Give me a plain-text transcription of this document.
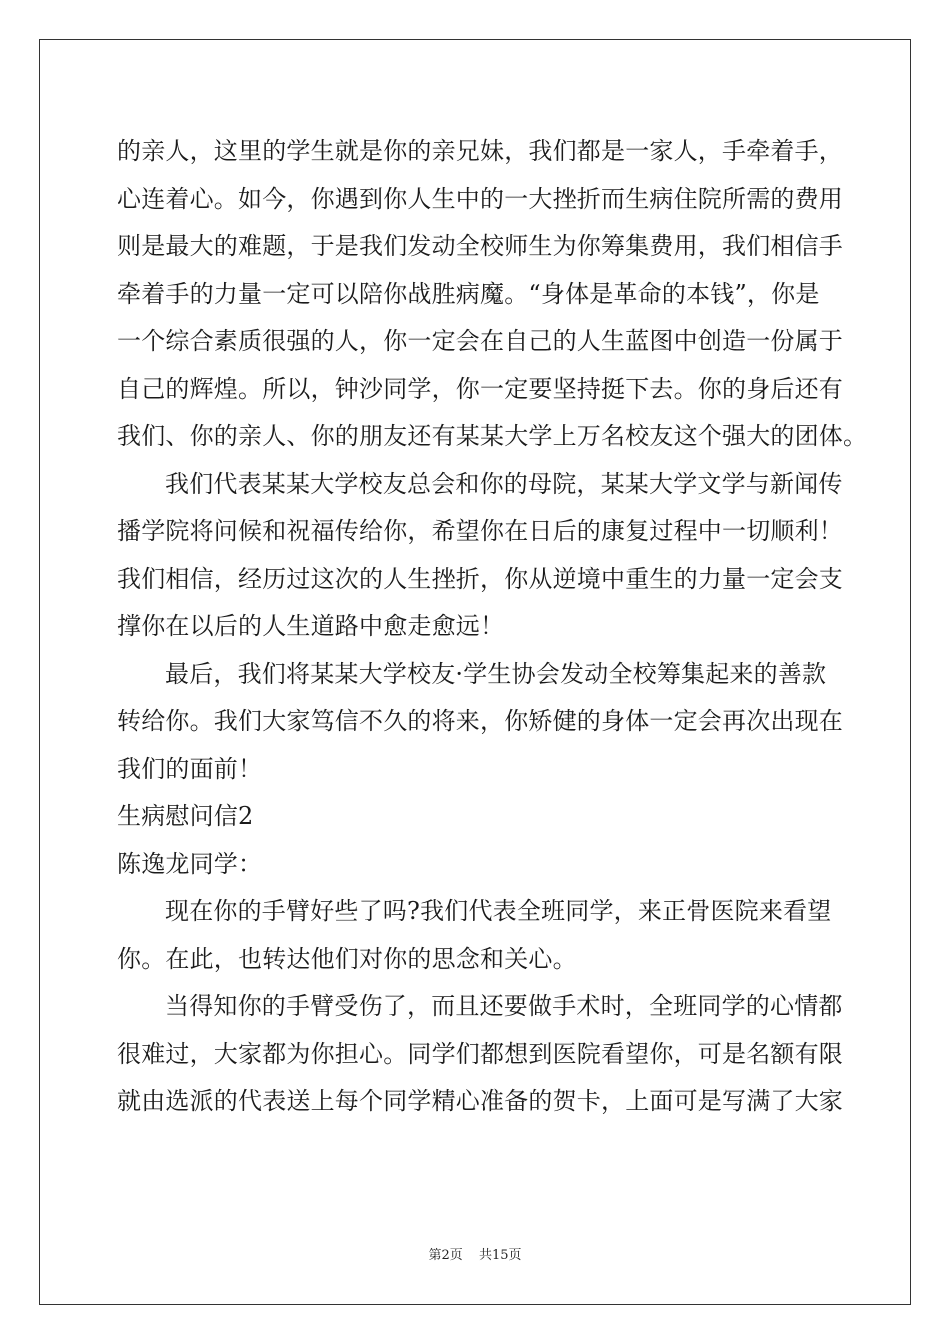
的亲人，这里的学生就是你的亲兄妹，我们都是一家人，手牵着手，
心连着心。如今，你遇到你人生中的一大挫折而生病住院所需的费用
则是最大的难题，于是我们发动全校师生为你筹集费用，我们相信手
牵着手的力量一定可以陪你战胜病魔。“身体是革命的本钱”，你是
一个综合素质很强的人，你一定会在自己的人生蓝图中创造一份属于
自己的辉煌。所以，钟沙同学，你一定要坚持挺下去。你的身后还有
我们、你的亲人、你的朋友还有某某大学上万名校友这个强大的团体。
我们代表某某大学校友总会和你的母院，某某大学文学与新闻传
播学院将问候和祝福传给你，希望你在日后的康复过程中一切顺利！
我们相信，经历过这次的人生挫折，你从逆境中重生的力量一定会支
撑你在以后的人生道路中愈走愈远！
最后，我们将某某大学校友·学生协会发动全校筹集起来的善款
转给你。我们大家笃信不久的将来，你矫健的身体一定会再次出现在
我们的面前！
生病慰问信2
陈逸龙同学：
现在你的手臂好些了吗?我们代表全班同学，来正骨医院来看望
你。在此，也转达他们对你的思念和关心。
当得知你的手臂受伤了，而且还要做手术时，全班同学的心情都
很难过，大家都为你担心。同学们都想到医院看望你，可是名额有限
就由选派的代表送上每个同学精心准备的贺卡，上面可是写满了大家
第2页 共15页
